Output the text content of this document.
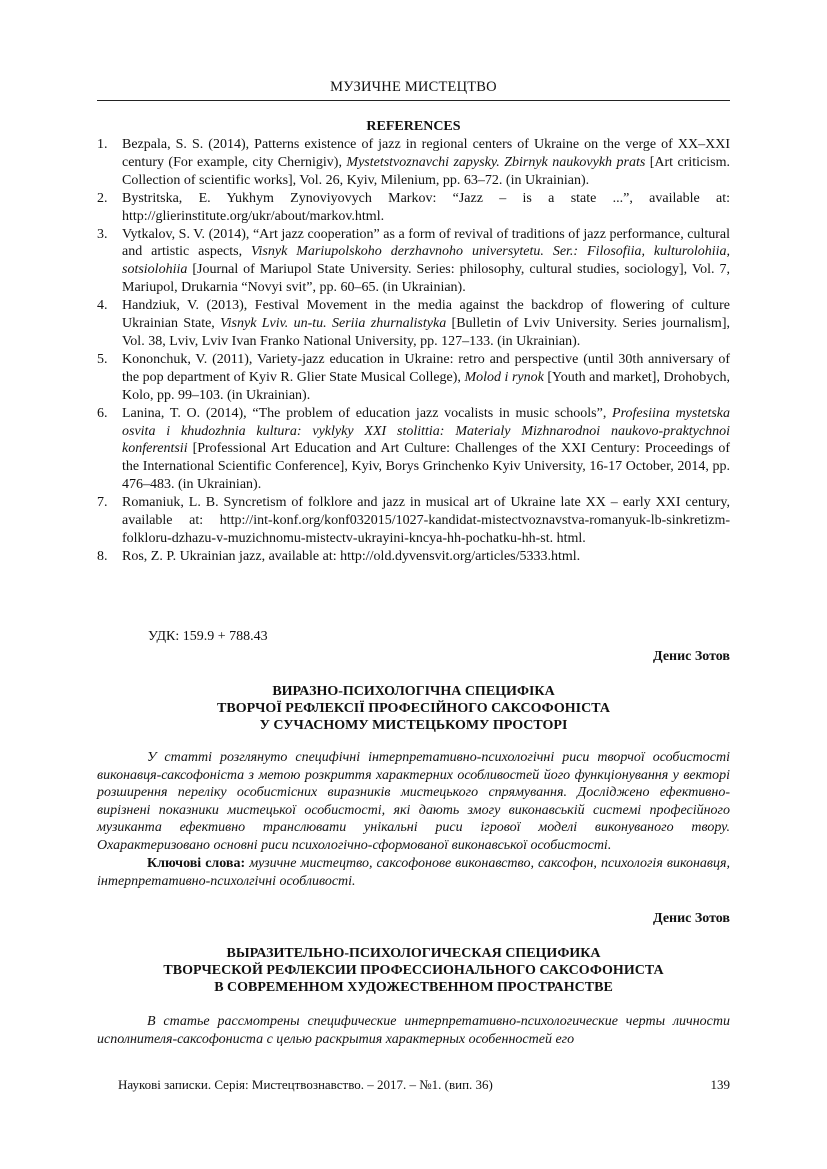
МУЗИЧНЕ МИСТЕЦТВО
REFERENCES
1. Bezpala, S. S. (2014), Patterns existence of jazz in regional centers of Ukraine on the verge of XX–XXI century (For example, city Chernigiv), Mystetstvoznavchi zapysky. Zbirnyk naukovykh prats [Art criticism. Collection of scientific works], Vol. 26, Kyiv, Milenium, pp. 63–72. (in Ukrainian).
2. Bystritska, E. Yukhym Zynoviyovych Markov: “Jazz – is a state ...”, available at: http://glierinstitute.org/ukr/about/markov.html.
3. Vytkalov, S. V. (2014), “Art jazz cooperation” as a form of revival of traditions of jazz performance, cultural and artistic aspects, Visnyk Mariupolskoho derzhavnoho universytetu. Ser.: Filosofiia, kulturolohiia, sotsiolohiia [Journal of Mariupol State University. Series: philosophy, cultural studies, sociology], Vol. 7, Mariupol, Drukarnia “Novyi svit”, pp. 60–65. (in Ukrainian).
4. Handziuk, V. (2013), Festival Movement in the media against the backdrop of flowering of culture Ukrainian State, Visnyk Lviv. un-tu. Seriia zhurnalistyka [Bulletin of Lviv University. Series journalism], Vol. 38, Lviv, Lviv Ivan Franko National University, pp. 127–133. (in Ukrainian).
5. Kononchuk, V. (2011), Variety-jazz education in Ukraine: retro and perspective (until 30th anniversary of the pop department of Kyiv R. Glier State Musical College), Molod i rynok [Youth and market], Drohobych, Kolo, pp. 99–103. (in Ukrainian).
6. Lanina, T. O. (2014), “The problem of education jazz vocalists in music schools”, Profesiina mystetska osvita i khudozhnia kultura: vyklyky XXI stolittia: Materialy Mizhnarodnoi naukovo-praktychnoi konferentsii [Professional Art Education and Art Culture: Challenges of the XXI Century: Proceedings of the International Scientific Conference], Kyiv, Borys Grinchenko Kyiv University, 16-17 October, 2014, pp. 476–483. (in Ukrainian).
7. Romaniuk, L. B. Syncretism of folklore and jazz in musical art of Ukraine late XX – early XXI century, available at: http://int-konf.org/konf032015/1027-kandidat-mistectvoznavstva-romanyuk-lb-sinkretizm-folkloru-dzhazu-v-muzichnomu-mistectv-ukrayini-kncya-hh-pochatku-hh-st. html.
8. Ros, Z. P. Ukrainian jazz, available at: http://old.dyvensvit.org/articles/5333.html.
УДК: 159.9 + 788.43
Денис Зотов
ВИРАЗНО-ПСИХОЛОГІЧНА СПЕЦИФІКА
ТВОРЧОЇ РЕФЛЕКСІЇ ПРОФЕСІЙНОГО САКСОФОНІСТА
У СУЧАСНОМУ МИСТЕЦЬКОМУ ПРОСТОРІ

У статті розглянуто специфічні інтерпретативно-психологічні риси творчої особистості виконавця-саксофоніста з метою розкриття характерних особливостей його функціонування у векторі розширення переліку особистісних виразників мистецького спрямування. Досліджено ефективно-вирізнені показники мистецької особистості, які дають змогу виконавській системі професійного музиканта ефективно транслювати унікальні риси ігрової моделі виконуваного твору. Охарактеризовано основні риси психологічно-сформованої виконавської особистості.

Ключові слова: музичне мистецтво, саксофонове виконавство, саксофон, психологія виконавця, інтерпретативно-психолгічні особливості.

Денис Зотов
ВЫРАЗИТЕЛЬНО-ПСИХОЛОГИЧЕСКАЯ СПЕЦИФИКА
ТВОРЧЕСКОЙ РЕФЛЕКСИИ ПРОФЕССИОНАЛЬНОГО САКСОФОНИСТА
В СОВРЕМЕННОМ ХУДОЖЕСТВЕННОМ ПРОСТРАНСТВЕ

В статье рассмотрены специфические интерпретативно-психологические черты личности исполнителя-саксофониста с целью раскрытия характерных особенностей его

Наукові записки. Серія: Мистецтвознавство. – 2017. – №1. (вип. 36)	139
